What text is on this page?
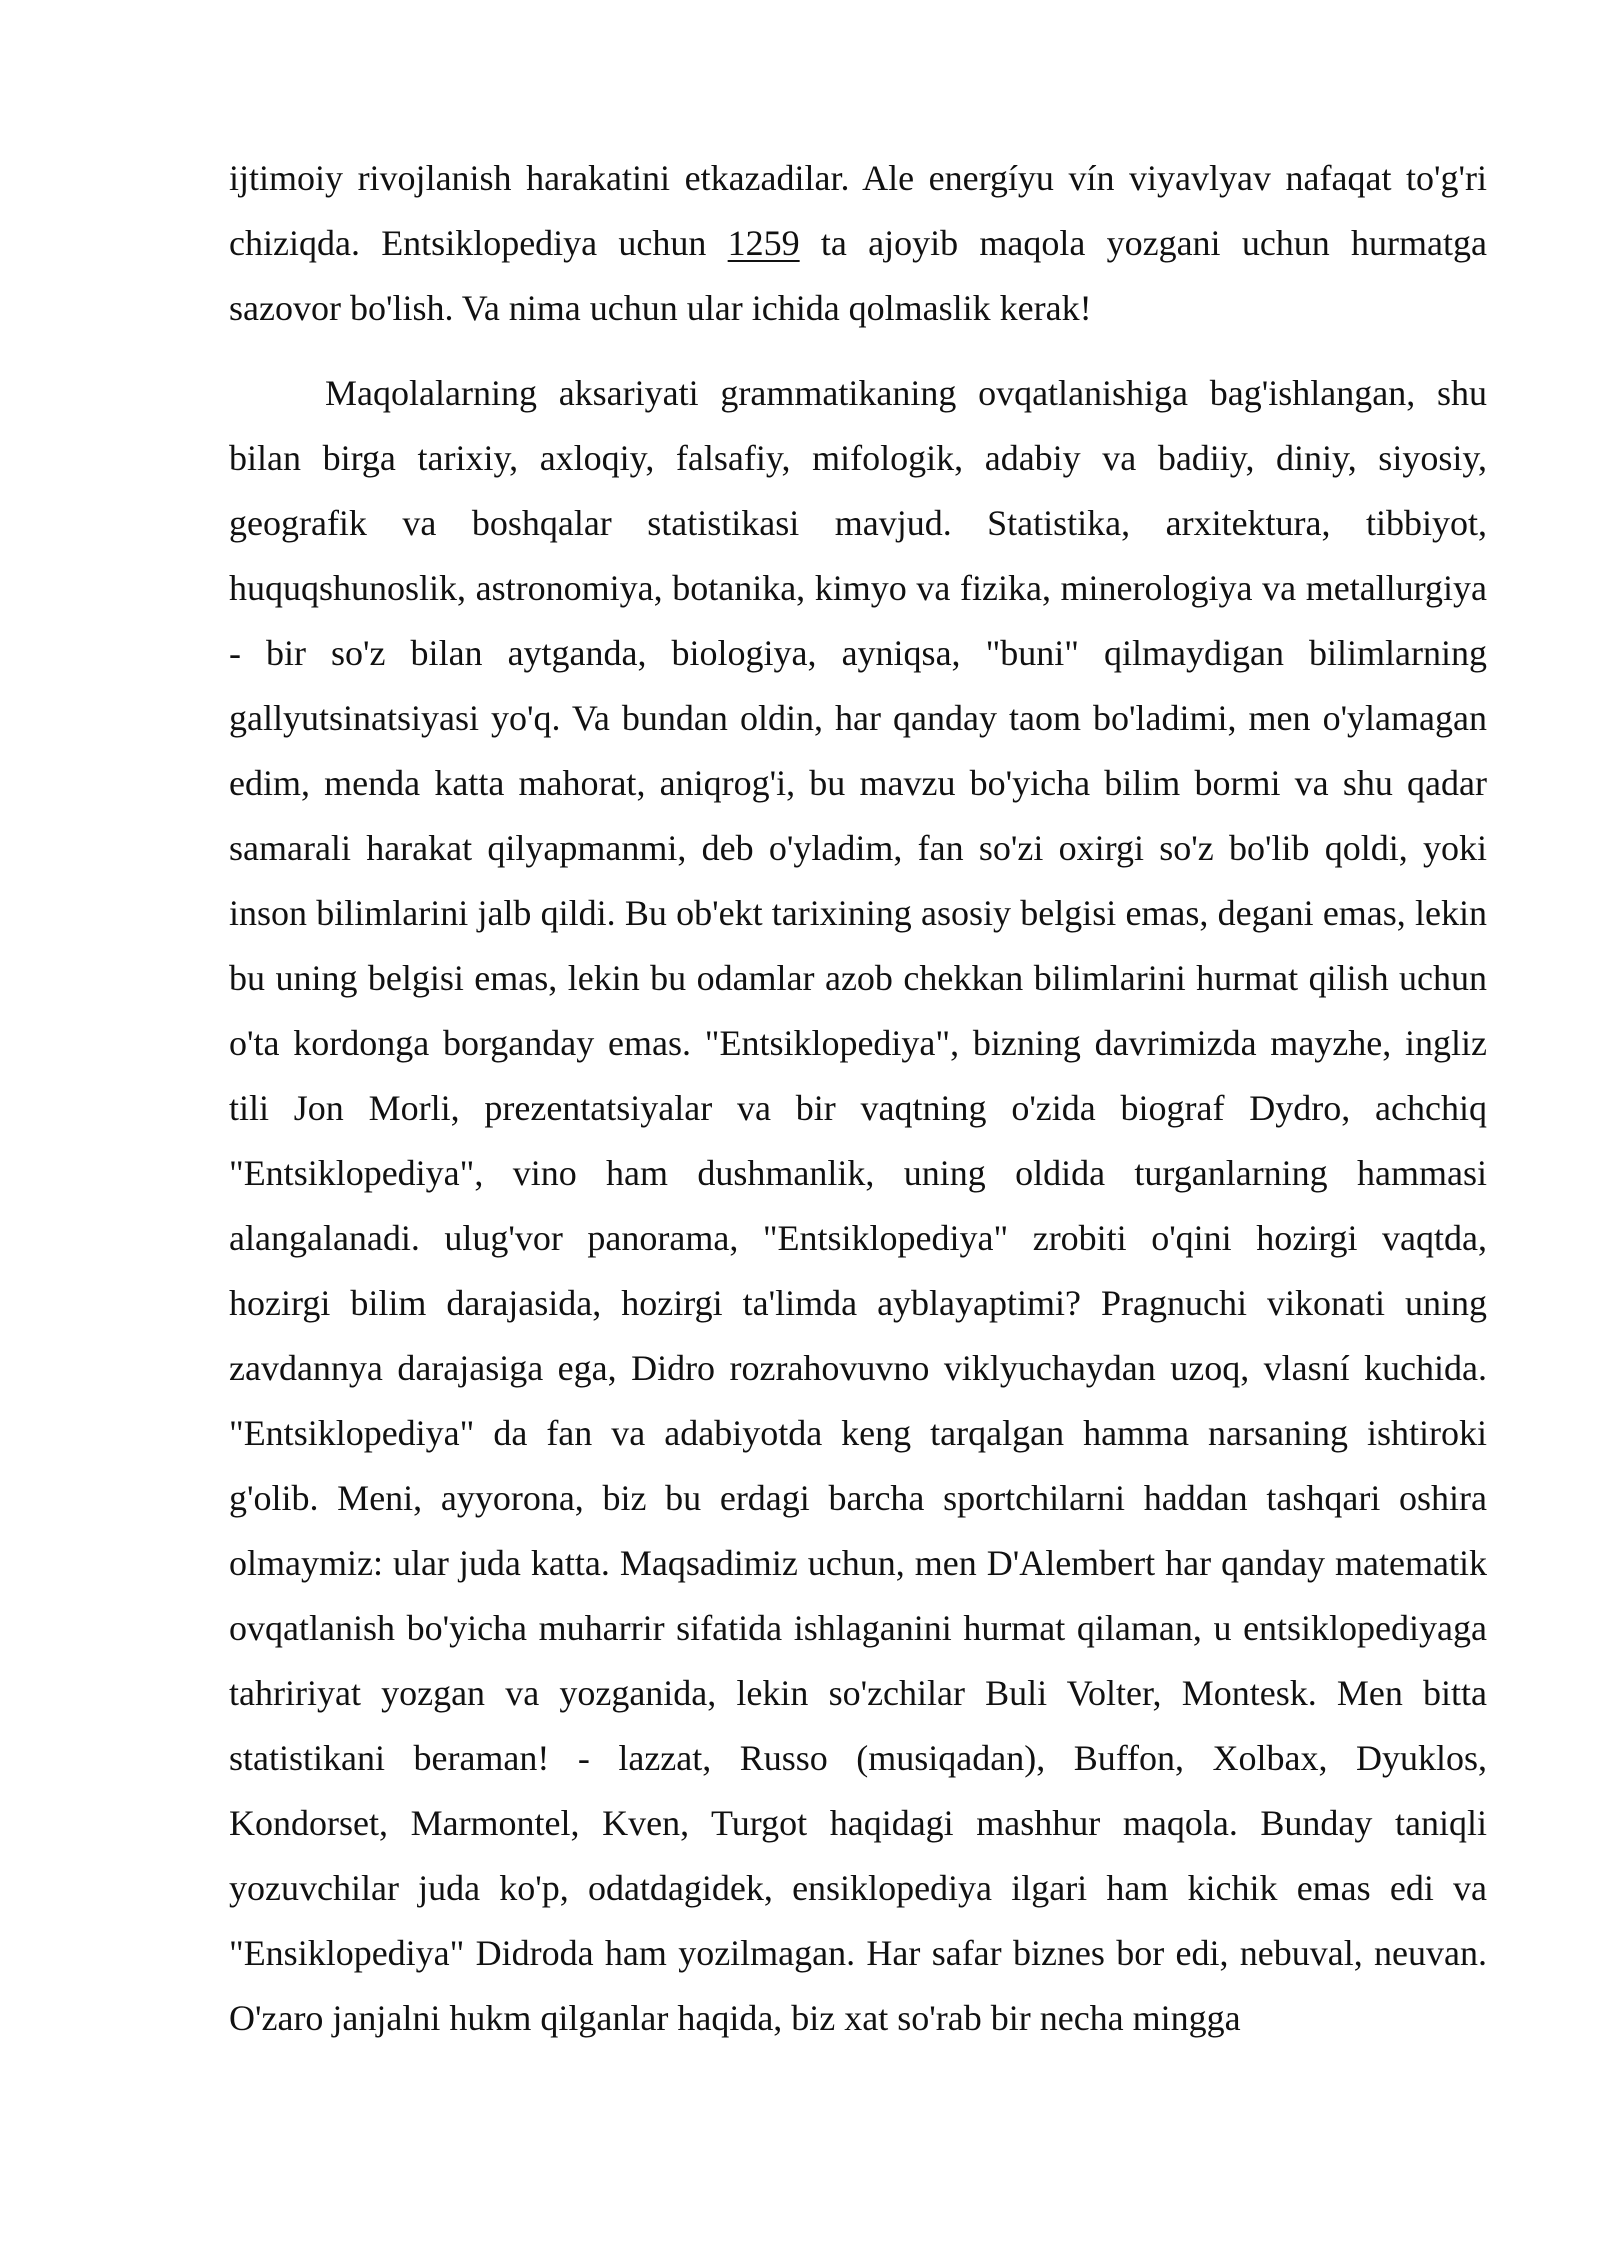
ijtimoiy rivojlanish harakatini etkazadilar. Ale energíyu vín viyavlyav nafaqat to'g'ri chiziqda. Entsiklopediya uchun 1259 ta ajoyib maqola yozgani uchun hurmatga sazovor bo'lish. Va nima uchun ular ichida qolmaslik kerak!

Maqolalarning aksariyati grammatikaning ovqatlanishiga bag'ishlangan, shu bilan birga tarixiy, axloqiy, falsafiy, mifologik, adabiy va badiiy, diniy, siyosiy, geografik va boshqalar statistikasi mavjud. Statistika, arxitektura, tibbiyot, huquqshunoslik, astronomiya, botanika, kimyo va fizika, minerologiya va metallurgiya - bir so'z bilan aytganda, biologiya, ayniqsa, "buni" qilmaydigan bilimlarning gallyutsinatsiyasi yo'q. Va bundan oldin, har qanday taom bo'ladimi, men o'ylamagan edim, menda katta mahorat, aniqrog'i, bu mavzu bo'yicha bilim bormi va shu qadar samarali harakat qilyapmanmi, deb o'yladim, fan so'zi oxirgi so'z bo'lib qoldi, yoki inson bilimlarini jalb qildi. Bu ob'ekt tarixining asosiy belgisi emas, degani emas, lekin bu uning belgisi emas, lekin bu odamlar azob chekkan bilimlarini hurmat qilish uchun o'ta kordonga borganday emas. "Entsiklopediya", bizning davrimizda mayzhe, ingliz tili Jon Morli, prezentatsiyalar va bir vaqtning o'zida biograf Dydro, achchiq "Entsiklopediya", vino ham dushmanlik, uning oldida turganlarning hammasi alangalanadi. ulug'vor panorama, "Entsiklopediya" zrobiti o'qini hozirgi vaqtda, hozirgi bilim darajasida, hozirgi ta'limda ayblayaptimi? Pragnuchi vikonati uning zavdannya darajasiga ega, Didro rozrahovuvno viklyuchaydan uzoq, vlasní kuchida. "Entsiklopediya" da fan va adabiyotda keng tarqalgan hamma narsaning ishtiroki g'olib. Meni, ayyorona, biz bu erdagi barcha sportchilarni haddan tashqari oshira olmaymiz: ular juda katta. Maqsadimiz uchun, men D'Alembert har qanday matematik ovqatlanish bo'yicha muharrir sifatida ishlaganini hurmat qilaman, u entsiklopediyaga tahririyat yozgan va yozganida, lekin so'zchilar Buli Volter, Montesk. Men bitta statistikani beraman! - lazzat, Russo (musiqadan), Buffon, Xolbax, Dyuklos, Kondorset, Marmontel, Kven, Turgot haqidagi mashhur maqola. Bunday taniqli yozuvchilar juda ko'p, odatdagidek, ensiklopediya ilgari ham kichik emas edi va "Ensiklopediya" Didroda ham yozilmagan. Har safar biznes bor edi, nebuval, neuvan. O'zaro janjalni hukm qilganlar haqida, biz xat so'rab bir necha mingga
